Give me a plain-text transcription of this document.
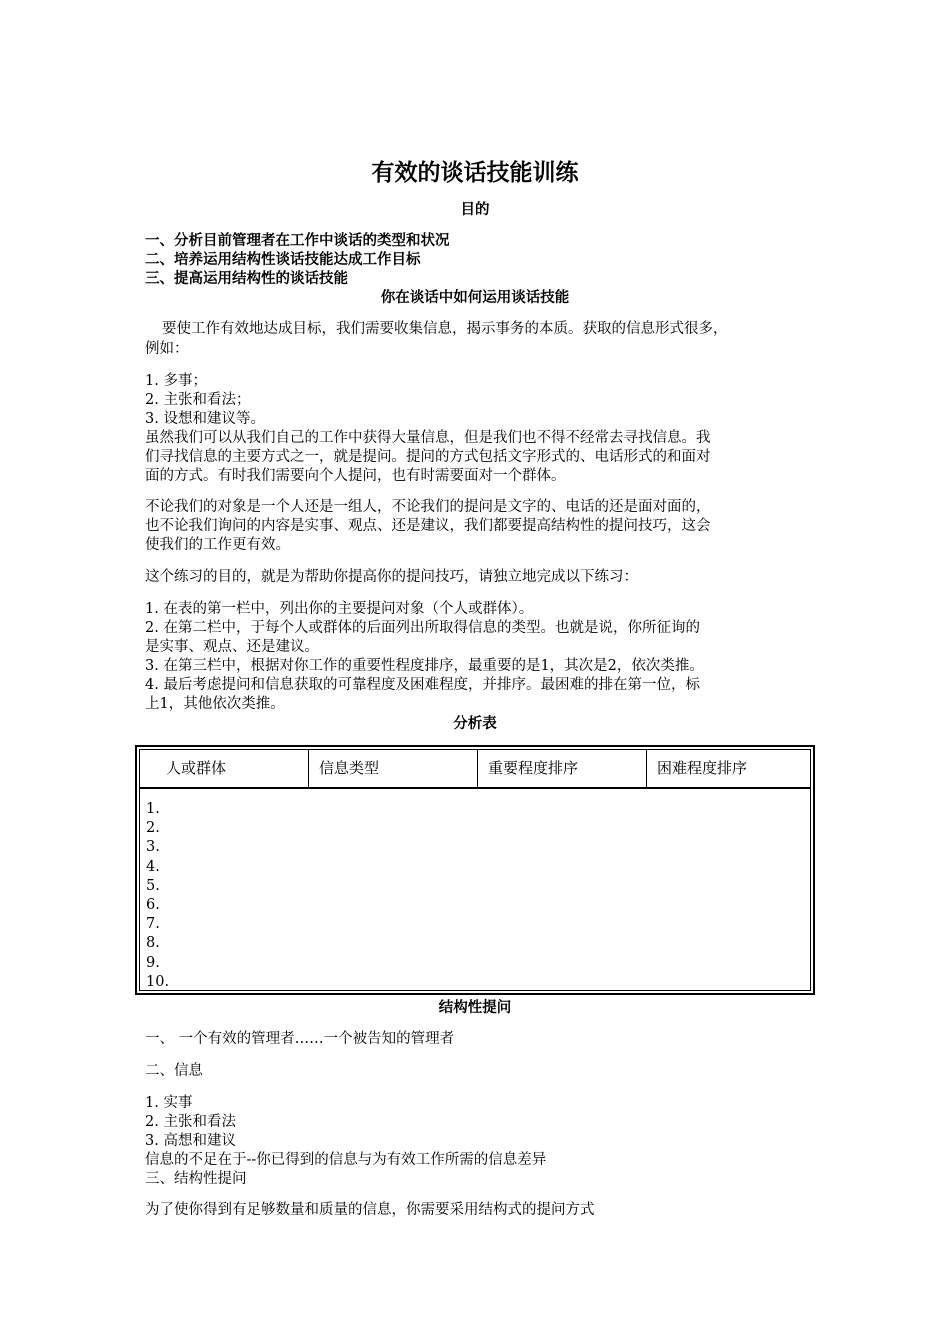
有效的谈话技能训练
目的
一、分析目前管理者在工作中谈话的类型和状况
二、培养运用结构性谈话技能达成工作目标
三、提高运用结构性的谈话技能
你在谈话中如何运用谈话技能
要使工作有效地达成目标，我们需要收集信息，揭示事务的本质。获取的信息形式很多，
例如：
1. 多事；
2. 主张和看法；
3. 设想和建议等。
虽然我们可以从我们自己的工作中获得大量信息，但是我们也不得不经常去寻找信息。我
们寻找信息的主要方式之一，就是提问。提问的方式包括文字形式的、电话形式的和面对
面的方式。有时我们需要向个人提问，也有时需要面对一个群体。
不论我们的对象是一个人还是一组人，不论我们的提问是文字的、电话的还是面对面的，
也不论我们询问的内容是实事、观点、还是建议，我们都要提高结构性的提问技巧，这会
使我们的工作更有效。
这个练习的目的，就是为帮助你提高你的提问技巧，请独立地完成以下练习：
1. 在表的第一栏中，列出你的主要提问对象（个人或群体）。
2. 在第二栏中，于每个人或群体的后面列出所取得信息的类型。也就是说，你所征询的
是实事、观点、还是建议。
3. 在第三栏中，根据对你工作的重要性程度排序，最重要的是1，其次是2，依次类推。
4. 最后考虑提问和信息获取的可靠程度及困难程度，并排序。最困难的排在第一位，标
上1，其他依次类推。
分析表
人或群体	信息类型	重要程度排序	困难程度排序
1.
2.
3.
4.
5.
6.
7.
8.
9.
10.
结构性提问
一、 一个有效的管理者……一个被告知的管理者
二、信息
1. 实事
2. 主张和看法
3. 高想和建议
信息的不足在于--你已得到的信息与为有效工作所需的信息差异
三、结构性提问
为了使你得到有足够数量和质量的信息，你需要采用结构式的提问方式
